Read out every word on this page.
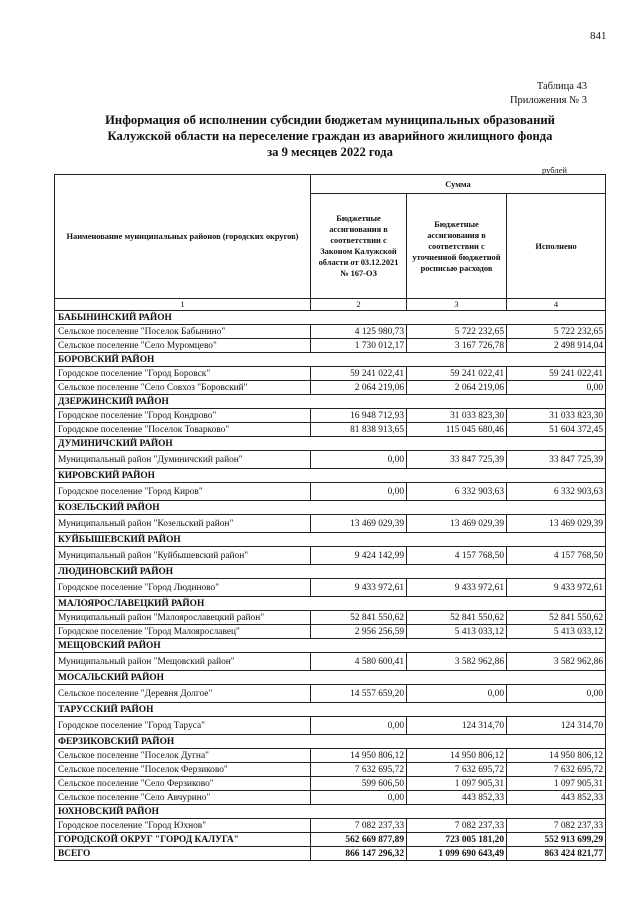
841
Таблица 43
Приложения № 3
Информация об исполнении субсидии бюджетам муниципальных образований
Калужской области на переселение граждан из аварийного жилищного фонда
за 9 месяцев 2022 года
рублей
Наименование муниципальных районов (городских округов)	Сумма		
	Бюджетные ассигнования в соответствии с Законом Калужской области от 03.12.2021 № 167-ОЗ	Бюджетные ассигнования в соответствии с уточненной бюджетной росписью расходов	Исполнено
1	2	3	4
БАБЫНИНСКИЙ РАЙОН			
Сельское поселение "Поселок Бабынино"	4 125 980,73	5 722 232,65	5 722 232,65
Сельское поселение "Село Муромцево"	1 730 012,17	3 167 726,78	2 498 914,04
БОРОВСКИЙ РАЙОН			
Городское поселение "Город Боровск"	59 241 022,41	59 241 022,41	59 241 022,41
Сельское поселение "Село Совхоз "Боровский"	2 064 219,06	2 064 219,06	0,00
ДЗЕРЖИНСКИЙ РАЙОН			
Городское поселение "Город Кондрово"	16 948 712,93	31 033 823,30	31 033 823,30
Городское поселение "Поселок Товарково"	81 838 913,65	115 045 680,46	51 604 372,45
ДУМИНИЧСКИЙ РАЙОН			
Муниципальный район "Думиничский район"	0,00	33 847 725,39	33 847 725,39
КИРОВСКИЙ РАЙОН			
Городское поселение "Город Киров"	0,00	6 332 903,63	6 332 903,63
КОЗЕЛЬСКИЙ РАЙОН			
Муниципальный район "Козельский район"	13 469 029,39	13 469 029,39	13 469 029,39
КУЙБЫШЕВСКИЙ РАЙОН			
Муниципальный район "Куйбышевский район"	9 424 142,99	4 157 768,50	4 157 768,50
ЛЮДИНОВСКИЙ РАЙОН			
Городское поселение "Город Людиново"	9 433 972,61	9 433 972,61	9 433 972,61
МАЛОЯРОСЛАВЕЦКИЙ РАЙОН			
Муниципальный район "Малоярославецкий район"	52 841 550,62	52 841 550,62	52 841 550,62
Городское поселение "Город Малоярославец"	2 956 256,59	5 413 033,12	5 413 033,12
МЕЩОВСКИЙ РАЙОН			
Муниципальный район "Мещовский район"	4 580 600,41	3 582 962,86	3 582 962,86
МОСАЛЬСКИЙ РАЙОН			
Сельское поселение "Деревня Долгое"	14 557 659,20	0,00	0,00
ТАРУССКИЙ РАЙОН			
Городское поселение "Город Таруса"	0,00	124 314,70	124 314,70
ФЕРЗИКОВСКИЙ РАЙОН			
Сельское поселение "Поселок Дугна"	14 950 806,12	14 950 806,12	14 950 806,12
Сельское поселение "Поселок Ферзиково"	7 632 695,72	7 632 695,72	7 632 695,72
Сельское поселение "Село Ферзиково"	599 606,50	1 097 905,31	1 097 905,31
Сельское поселение "Село Авчурино"	0,00	443 852,33	443 852,33
ЮХНОВСКИЙ РАЙОН			
Городское поселение "Город Юхнов"	7 082 237,33	7 082 237,33	7 082 237,33
ГОРОДСКОЙ ОКРУГ "ГОРОД КАЛУГА"	562 669 877,89	723 005 181,20	552 913 699,29
ВСЕГО	866 147 296,32	1 099 690 643,49	863 424 821,77
